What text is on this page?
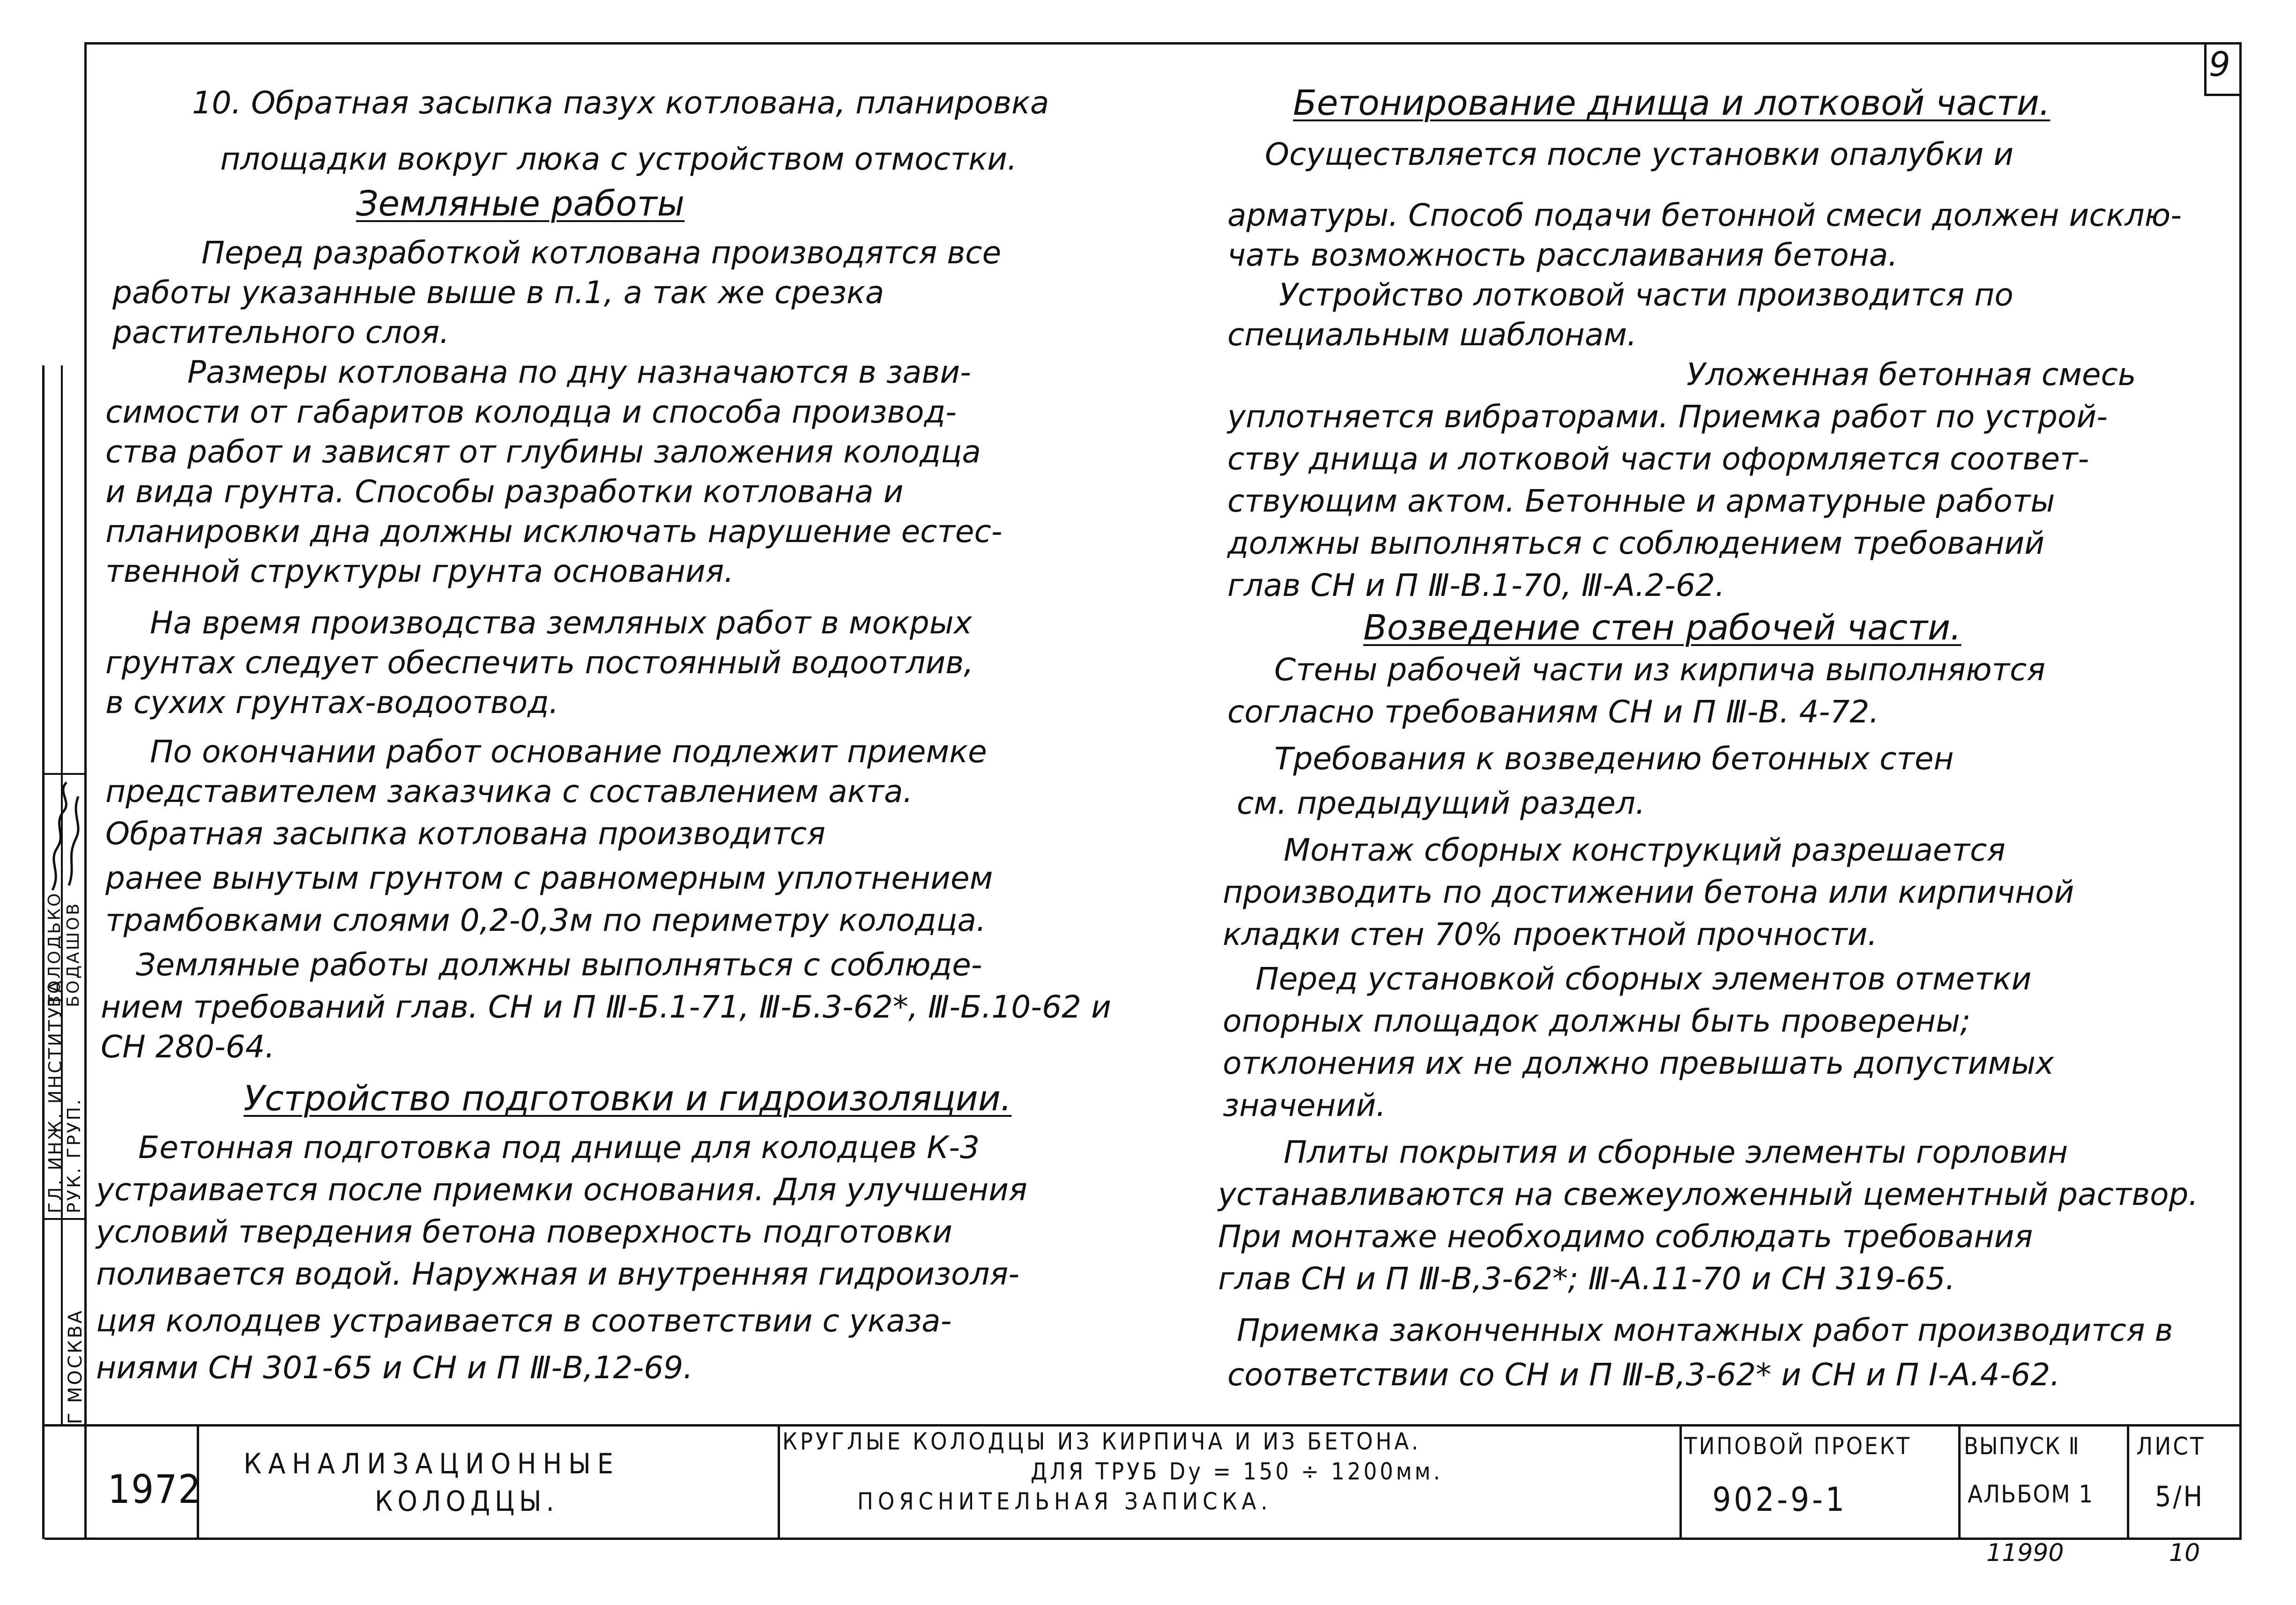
9
10. Обратная засыпка пазух котлована, планировка
площадки вокруг люка с устройством отмостки.
Земляные работы
Перед разработкой котлована производятся все
работы указанные выше в п.1, а так же срезка
растительного слоя.
Размеры котлована по дну назначаются в зави-
симости от габаритов колодца и способа производ-
ства работ и зависят от глубины заложения колодца
и вида грунта. Способы разработки котлована и
планировки дна должны исключать нарушение естес-
твенной структуры грунта основания.
На время производства земляных работ в мокрых
грунтах следует обеспечить постоянный водоотлив,
в сухих грунтах-водоотвод.
По окончании работ основание подлежит приемке
представителем заказчика с составлением акта.
Обратная засыпка котлована производится
ранее вынутым грунтом с равномерным уплотнением
трамбовками слоями 0,2-0,3м по периметру колодца.
Земляные работы должны выполняться с соблюде-
нием требований глав. СН и П Ⅲ-Б.1-71, Ⅲ-Б.3-62*, Ⅲ-Б.10-62 и
СН 280-64.
Устройство подготовки и гидроизоляции.
Бетонная подготовка под днище для колодцев К-3
устраивается после приемки основания. Для улучшения
условий твердения бетона поверхность подготовки
поливается водой. Наружная и внутренняя гидроизоля-
ция колодцев устраивается в соответствии с указа-
ниями СН 301-65 и СН и П Ⅲ-В,12-69.
Бетонирование днища и лотковой части.
Осуществляется после установки опалубки и
арматуры. Способ подачи бетонной смеси должен исклю-
чать возможность расслаивания бетона.
Устройство лотковой части производится по
специальным шаблонам.
Уложенная бетонная смесь
уплотняется вибраторами. Приемка работ по устрой-
ству днища и лотковой части оформляется соответ-
ствующим актом. Бетонные и арматурные работы
должны выполняться с соблюдением требований
глав СН и П Ⅲ-В.1-70, Ⅲ-А.2-62.
Возведение стен рабочей части.
Стены рабочей части из кирпича выполняются
согласно требованиям СН и П Ⅲ-В. 4-72.
Требования к возведению бетонных стен
см. предыдущий раздел.
Монтаж сборных конструкций разрешается
производить по достижении бетона или кирпичной
кладки стен 70% проектной прочности.
Перед установкой сборных элементов отметки
опорных площадок должны быть проверены;
отклонения их не должно превышать допустимых
значений.
Плиты покрытия и сборные элементы горловин
устанавливаются на свежеуложенный цементный раствор.
При монтаже необходимо соблюдать требования
глав СН и П Ⅲ-В,3-62*; Ⅲ-А.11-70 и СН 319-65.
Приемка законченных монтажных работ производится в
соответствии со СН и П Ⅲ-В,3-62* и СН и П Ⅰ-А.4-62.
Г МОСКВА
ГЛ. ИНЖ. ИНСТИТУТА
РУК. ГРУП.
ВОЛОДЬКО БОДАШОВ
1972
КАНАЛИЗАЦИОННЫЕ
КОЛОДЦЫ.
КРУГЛЫЕ КОЛОДЦЫ ИЗ КИРПИЧА И ИЗ БЕТОНА.
ДЛЯ ТРУБ Dу = 150 ÷ 1200мм.
ПОЯСНИТЕЛЬНАЯ ЗАПИСКА.
ТИПОВОЙ ПРОЕКТ
902-9-1
ВЫПУСК Ⅱ
АЛЬБОМ 1
ЛИСТ
5/Н
11990	10
